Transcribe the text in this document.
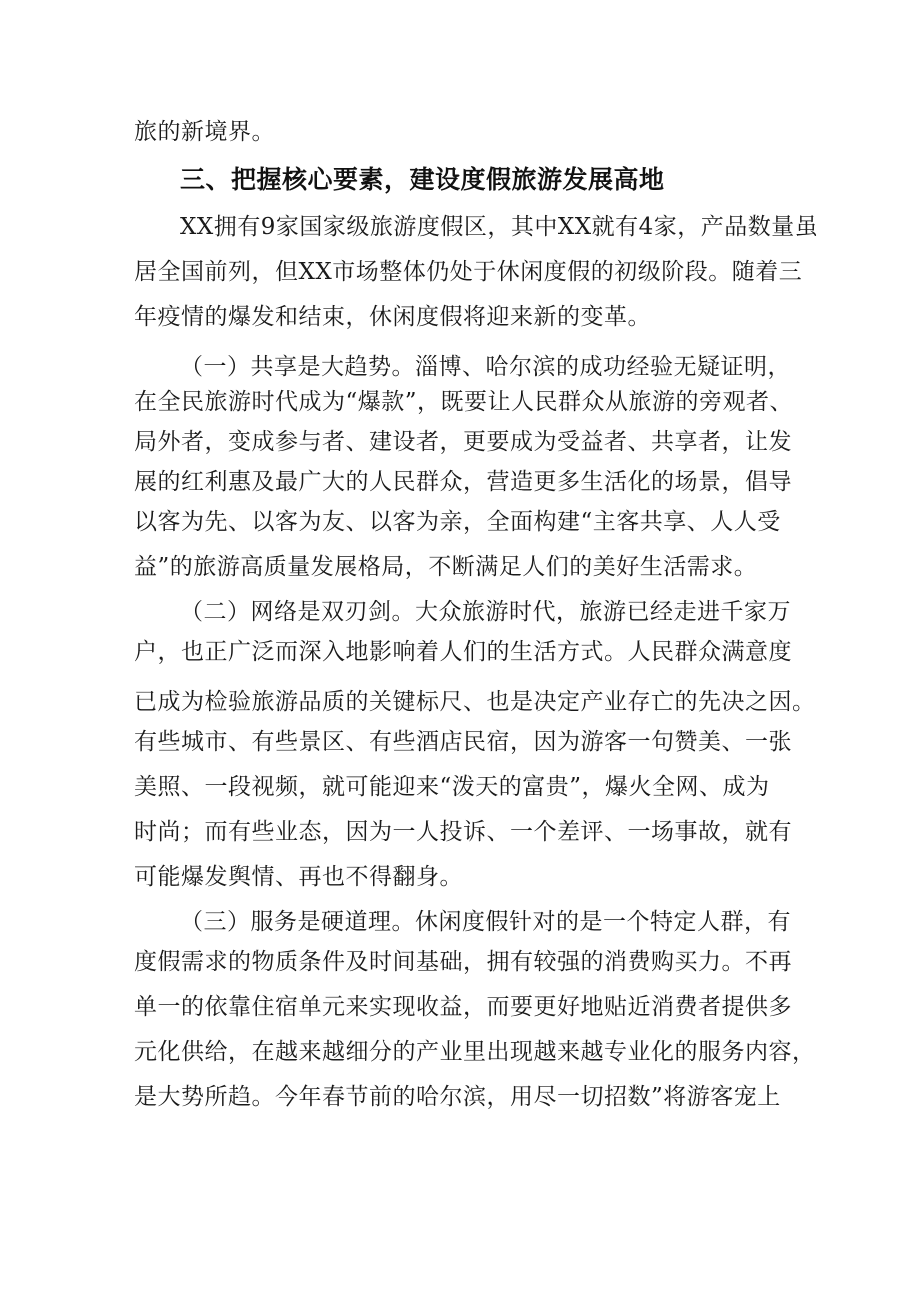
旅的新境界。
三、把握核心要素，建设度假旅游发展高地
XX拥有9家国家级旅游度假区，其中XX就有4家，产品数量虽
居全国前列，但XX市场整体仍处于休闲度假的初级阶段。随着三
年疫情的爆发和结束，休闲度假将迎来新的变革。
（一）共享是大趋势。淄博、哈尔滨的成功经验无疑证明，
在全民旅游时代成为“爆款”，既要让人民群众从旅游的旁观者、
局外者，变成参与者、建设者，更要成为受益者、共享者，让发
展的红利惠及最广大的人民群众，营造更多生活化的场景，倡导
以客为先、以客为友、以客为亲，全面构建“主客共享、人人受
益”的旅游高质量发展格局，不断满足人们的美好生活需求。
（二）网络是双刃剑。大众旅游时代，旅游已经走进千家万
户，也正广泛而深入地影响着人们的生活方式。人民群众满意度
已成为检验旅游品质的关键标尺、也是决定产业存亡的先决之因。
有些城市、有些景区、有些酒店民宿，因为游客一句赞美、一张
美照、一段视频，就可能迎来“泼天的富贵”，爆火全网、成为
时尚；而有些业态，因为一人投诉、一个差评、一场事故，就有
可能爆发舆情、再也不得翻身。
（三）服务是硬道理。休闲度假针对的是一个特定人群，有
度假需求的物质条件及时间基础，拥有较强的消费购买力。不再
单一的依靠住宿单元来实现收益，而要更好地贴近消费者提供多
元化供给，在越来越细分的产业里出现越来越专业化的服务内容，
是大势所趋。今年春节前的哈尔滨，用尽一切招数”将游客宠上
